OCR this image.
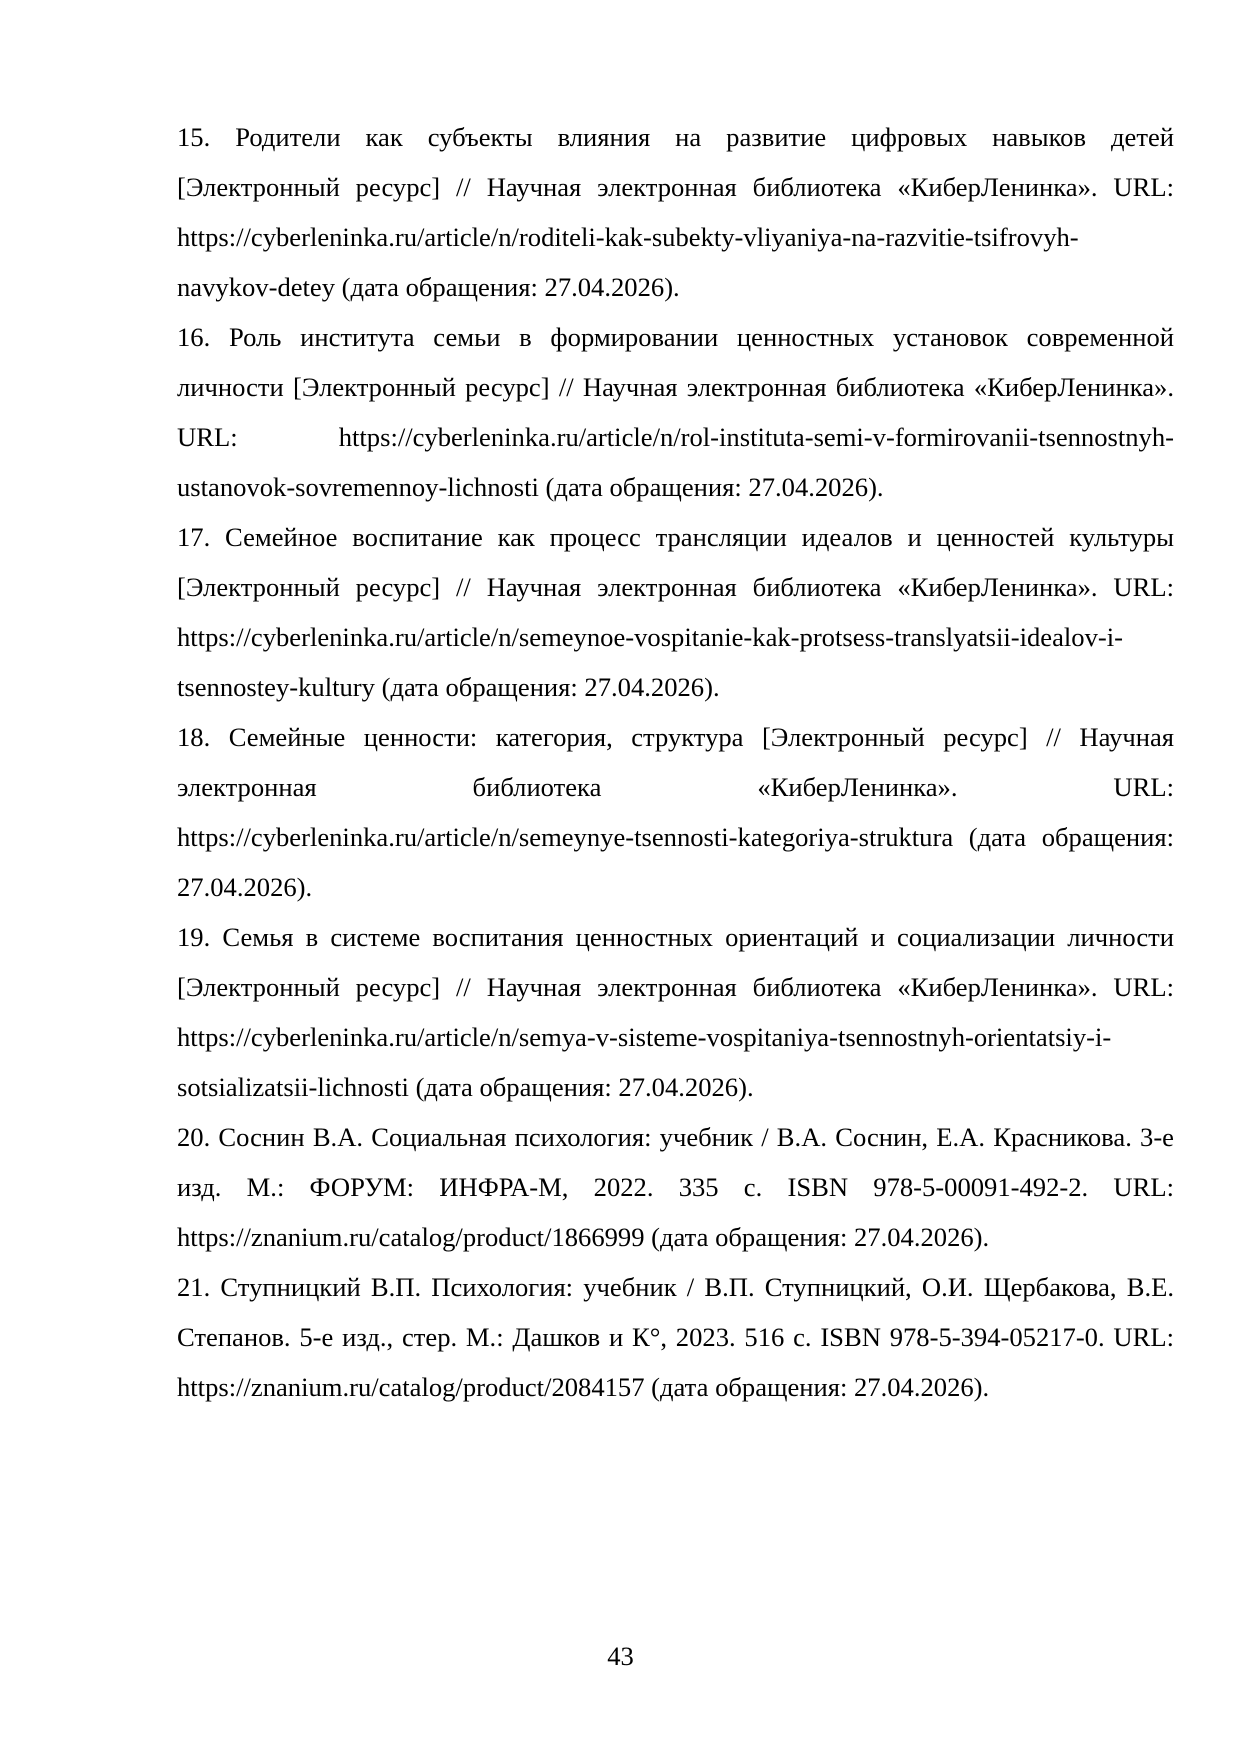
15. Родители как субъекты влияния на развитие цифровых навыков детей [Электронный ресурс] // Научная электронная библиотека «КиберЛенинка». URL: https://cyberleninka.ru/article/n/roditeli-kak-subekty-vliyaniya-na-razvitie-tsifrovyh-navykov-detey (дата обращения: 27.04.2026).
16. Роль института семьи в формировании ценностных установок современной личности [Электронный ресурс] // Научная электронная библиотека «КиберЛенинка». URL: https://cyberleninka.ru/article/n/rol-instituta-semi-v-formirovanii-tsennostnyh-ustanovok-sovremennoy-lichnosti (дата обращения: 27.04.2026).
17. Семейное воспитание как процесс трансляции идеалов и ценностей культуры [Электронный ресурс] // Научная электронная библиотека «КиберЛенинка». URL: https://cyberleninka.ru/article/n/semeynoe-vospitanie-kak-protsess-translyatsii-idealov-i-tsennostey-kultury (дата обращения: 27.04.2026).
18. Семейные ценности: категория, структура [Электронный ресурс] // Научная электронная библиотека «КиберЛенинка». URL: https://cyberleninka.ru/article/n/semeynye-tsennosti-kategoriya-struktura (дата обращения: 27.04.2026).
19. Семья в системе воспитания ценностных ориентаций и социализации личности [Электронный ресурс] // Научная электронная библиотека «КиберЛенинка». URL: https://cyberleninka.ru/article/n/semya-v-sisteme-vospitaniya-tsennostnyh-orientatsiy-i-sotsializatsii-lichnosti (дата обращения: 27.04.2026).
20. Соснин В.А. Социальная психология: учебник / В.А. Соснин, Е.А. Красникова. 3-е изд. М.: ФОРУМ: ИНФРА-М, 2022. 335 с. ISBN 978-5-00091-492-2. URL: https://znanium.ru/catalog/product/1866999 (дата обращения: 27.04.2026).
21. Ступницкий В.П. Психология: учебник / В.П. Ступницкий, О.И. Щербакова, В.Е. Степанов. 5-е изд., стер. М.: Дашков и К°, 2023. 516 с. ISBN 978-5-394-05217-0. URL: https://znanium.ru/catalog/product/2084157 (дата обращения: 27.04.2026).
43
